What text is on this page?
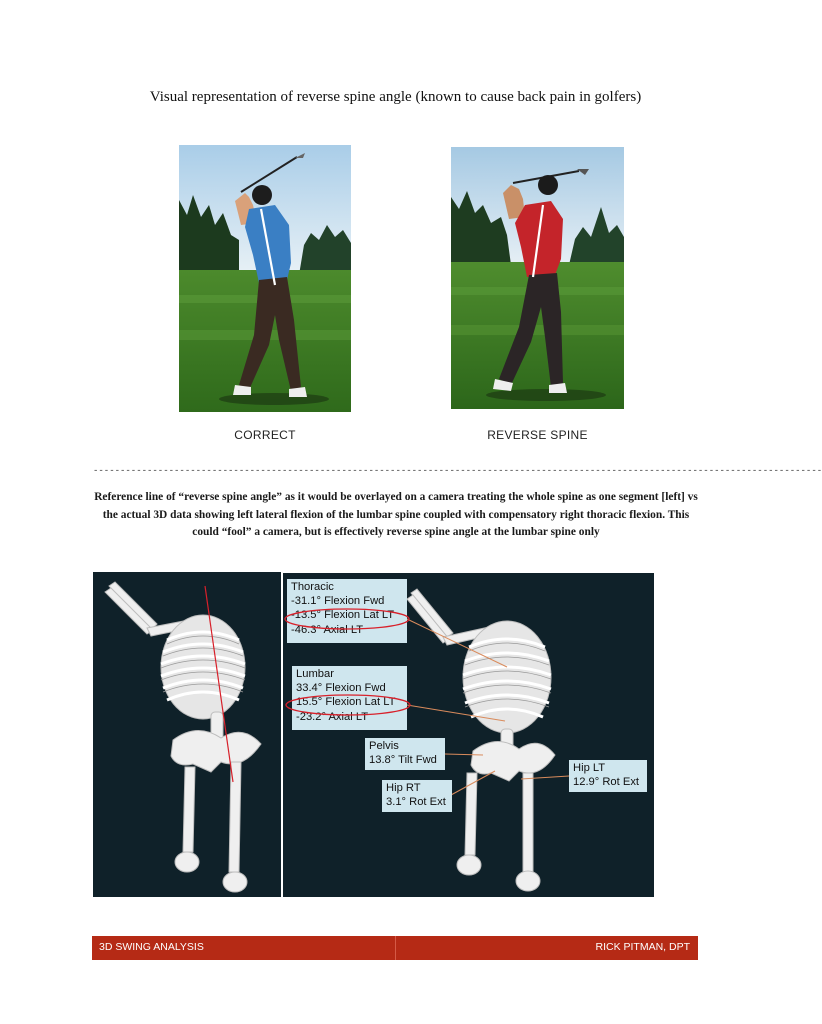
Visual representation of reverse spine angle (known to cause back pain in golfers)
CORRECT	REVERSE SPINE
---------------------------------------------------------------------------------------------------------------------------------------
Reference line of “reverse spine angle” as it would be overlayed on a camera treating the whole spine as one segment [left] vs the actual 3D data showing left lateral flexion of the lumbar spine coupled with compensatory right thoracic flexion. This could “fool” a camera, but is effectively reverse spine angle at the lumbar spine only
Thoracic
-31.1° Flexion Fwd
-13.5° Flexion Lat LT
-46.3° Axial LT
Lumbar
33.4° Flexion Fwd
15.5° Flexion Lat LT
-23.2° Axial LT
Pelvis
13.8° Tilt Fwd
Hip RT
3.1° Rot Ext
Hip LT
12.9° Rot Ext
3D SWING ANALYSIS	RICK PITMAN, DPT
